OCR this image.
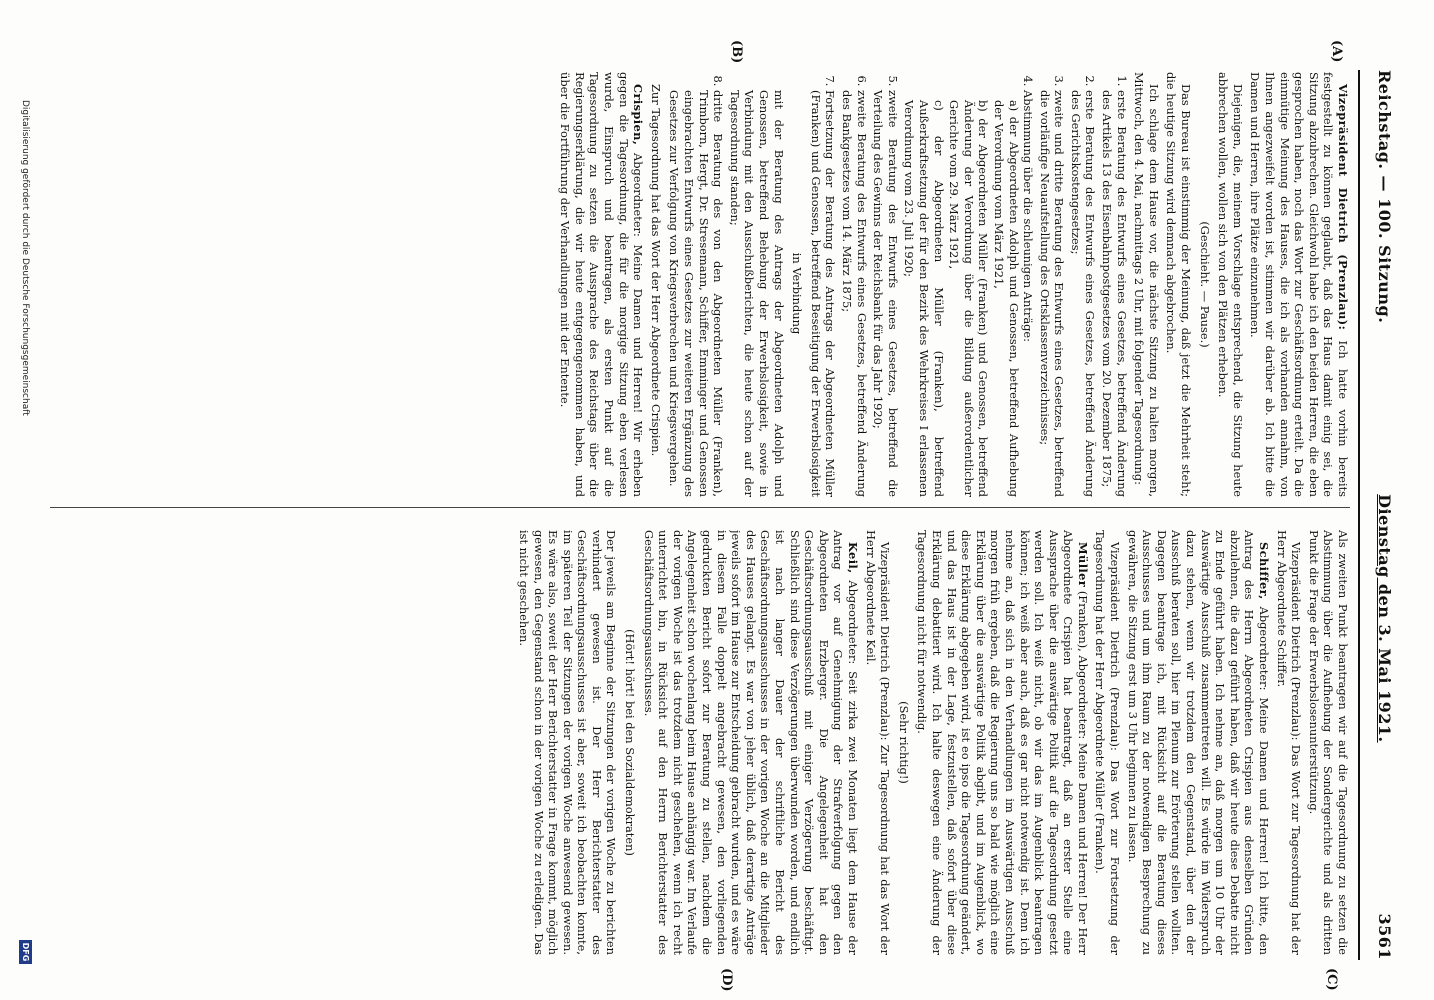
Reichstag. — 100. Sitzung.
Dienstag den 3. Mai 1921.
3561
(A)
(B)
(C)
(D)

Vizepräsident Dietrich (Prenzlau): Ich hatte vorhin bereits festgestellt zu können geglaubt, daß das Haus damit einig sei, die Sitzung abzubrechen. Gleichwohl habe ich den beiden Herren, die eben gesprochen haben, noch das Wort zur Geschäftsordnung erteilt. Da die einmütige Meinung des Hauses, die ich als vorhanden annahm, von Ihnen angezweifelt worden ist, stimmen wir darüber ab. Ich bitte die Damen und Herren, ihre Plätze einzunehmen.

Diejenigen, die, meinem Vorschlage entsprechend, die Sitzung heute abbrechen wollen, wollen sich von den Plätzen erheben.

(Geschieht. — Pause.)

Das Bureau ist einstimmig der Meinung, daß jetzt die Mehrheit steht; die heutige Sitzung wird demnach abgebrochen.

Ich schlage dem Hause vor, die nächste Sitzung zu halten morgen, Mittwoch, den 4. Mai, nachmittags 2 Uhr, mit folgender Tagesordnung:

1. erste Beratung des Entwurfs eines Gesetzes, betreffend Änderung des Artikels 13 des Eisenbahnpostgesetzes vom 20. Dezember 1875;
2. erste Beratung des Entwurfs eines Gesetzes, betreffend Änderung des Gerichtskostengesetzes;
3. zweite und dritte Beratung des Entwurfs eines Gesetzes, betreffend die vorläufige Neuaufstellung des Ortsklassenverzeichnisses;
4. Abstimmung über die schleunigen Anträge:
a) der Abgeordneten Adolph und Genossen, betreffend Aufhebung der Verordnung vom März 1921,
b) der Abgeordneten Müller (Franken) und Genossen, betreffend Änderung der Verordnung über die Bildung außerordentlicher Gerichte vom 29. März 1921,
c) der Abgeordneten Müller (Franken), betreffend Außerkraftsetzung der für den Bezirk des Wehrkreises I erlassenen Verordnung vom 23. Juli 1920;
5. zweite Beratung des Entwurfs eines Gesetzes, betreffend die Verteilung des Gewinns der Reichsbank für das Jahr 1920;
6. zweite Beratung des Entwurfs eines Gesetzes, betreffend Änderung des Bankgesetzes vom 14. März 1875;
7. Fortsetzung der Beratung des Antrags der Abgeordneten Müller (Franken) und Genossen, betreffend Beseitigung der Erwerbslosigkeit
in Verbindung
mit der Beratung des Antrags der Abgeordneten Adolph und Genossen, betreffend Behebung der Erwerbslosigkeit, sowie in Verbindung mit den Ausschußberichten, die heute schon auf der Tagesordnung standen;
8. dritte Beratung des von den Abgeordneten Müller (Franken), Trimborn, Hergt, Dr. Stresemann, Schiffer, Emminger und Genossen eingebrachten Entwurfs eines Gesetzes zur weiteren Ergänzung des Gesetzes zur Verfolgung von Kriegsverbrechen und Kriegsvergehen.

Zur Tagesordnung hat das Wort der Herr Abgeordnete Crispien.

Crispien, Abgeordneter: Meine Damen und Herren! Wir erheben gegen die Tagesordnung, die für die morgige Sitzung eben verlesen wurde, Einspruch und beantragen, als ersten Punkt auf die Tagesordnung zu setzen die Aussprache des Reichstags über die Regierungserklärung, die wir heute entgegengenommen haben, und über die Fortführung der Verhandlungen mit der Entente.

Als zweiten Punkt beantragen wir auf die Tagesordnung zu setzen die Abstimmung über die Aufhebung der Sondergerichte und als dritten Punkt die Frage der Erwerbslosenunterstützung.

Vizepräsident Dietrich (Prenzlau): Das Wort zur Tagesordnung hat der Herr Abgeordnete Schiffer.

Schiffer, Abgeordneter: Meine Damen und Herren! Ich bitte, den Antrag des Herrn Abgeordneten Crispien aus denselben Gründen abzulehnen, die dazu geführt haben, daß wir heute diese Debatte nicht zu Ende geführt haben. Ich nehme an, daß morgen um 10 Uhr der Auswärtige Ausschuß zusammentreten will. Es würde im Widerspruch dazu stehen, wenn wir trotzdem den Gegenstand, über den der Ausschuß beraten soll, hier im Plenum zur Erörterung stellen wollten. Dagegen beantrage ich, mit Rücksicht auf die Beratung dieses Ausschusses und um ihm Raum zu der notwendigen Besprechung zu gewähren, die Sitzung erst um 3 Uhr beginnen zu lassen.

Vizepräsident Dietrich (Prenzlau): Das Wort zur Fortsetzung der Tagesordnung hat der Herr Abgeordnete Müller (Franken).

Müller (Franken), Abgeordneter: Meine Damen und Herren! Der Herr Abgeordnete Crispien hat beantragt, daß an erster Stelle eine Aussprache über die auswärtige Politik auf die Tagesordnung gesetzt werden soll. Ich weiß nicht, ob wir das im Augenblick beantragen können; ich weiß aber auch, daß es gar nicht notwendig ist. Denn ich nehme an, daß sich in den Verhandlungen im Auswärtigen Ausschuß morgen früh ergeben, daß die Regierung uns so bald wie möglich eine Erklärung über die auswärtige Politik abgibt, und im Augenblick, wo diese Erklärung abgegeben wird, ist eo ipso die Tagesordnung geändert, und das Haus ist in der Lage, festzustellen, daß sofort über diese Erklärung debattiert wird. Ich halte deswegen eine Änderung der Tagesordnung nicht für notwendig.

(Sehr richtig!)

Vizepräsident Dietrich (Prenzlau): Zur Tagesordnung hat das Wort der Herr Abgeordnete Keil.

Keil, Abgeordneter: Seit zirka zwei Monaten liegt dem Hause der Antrag vor auf Genehmigung der Strafverfolgung gegen den Abgeordneten Erzberger. Die Angelegenheit hat den Geschäftsordnungsausschuß mit einiger Verzögerung beschäftigt. Schließlich sind diese Verzögerungen überwunden worden, und endlich ist nach langer Dauer der schriftliche Bericht des Geschäftsordnungsausschusses in der vorigen Woche an die Mitglieder des Hauses gelangt. Es war von jeher üblich, daß derartige Anträge jeweils sofort im Hause zur Entscheidung gebracht wurden, und es wäre in diesem Falle doppelt angebracht gewesen, den vorliegenden gedruckten Bericht sofort zur Beratung zu stellen, nachdem die Angelegenheit schon wochenlang beim Hause anhängig war. Im Verlaufe der vorigen Woche ist das trotzdem nicht geschehen, wenn ich recht unterrichtet bin, in Rücksicht auf den Herrn Berichterstatter des Geschäftsordnungsausschusses.

(Hört! hört! bei den Sozialdemokraten)

Der jeweils am Beginne der Sitzungen der vorigen Woche zu berichten verhindert gewesen ist. Der Herr Berichterstatter des Geschäftsordnungsausschusses ist aber, soweit ich beobachten konnte, im späteren Teil der Sitzungen der vorigen Woche anwesend gewesen. Es wäre also, soweit der Herr Berichterstatter in Frage kommt, möglich gewesen, den Gegenstand schon in der vorigen Woche zu erledigen. Das ist nicht geschehen.

Digitalisierung gefördert durch die Deutsche Forschungsgemeinschaft
DFG
